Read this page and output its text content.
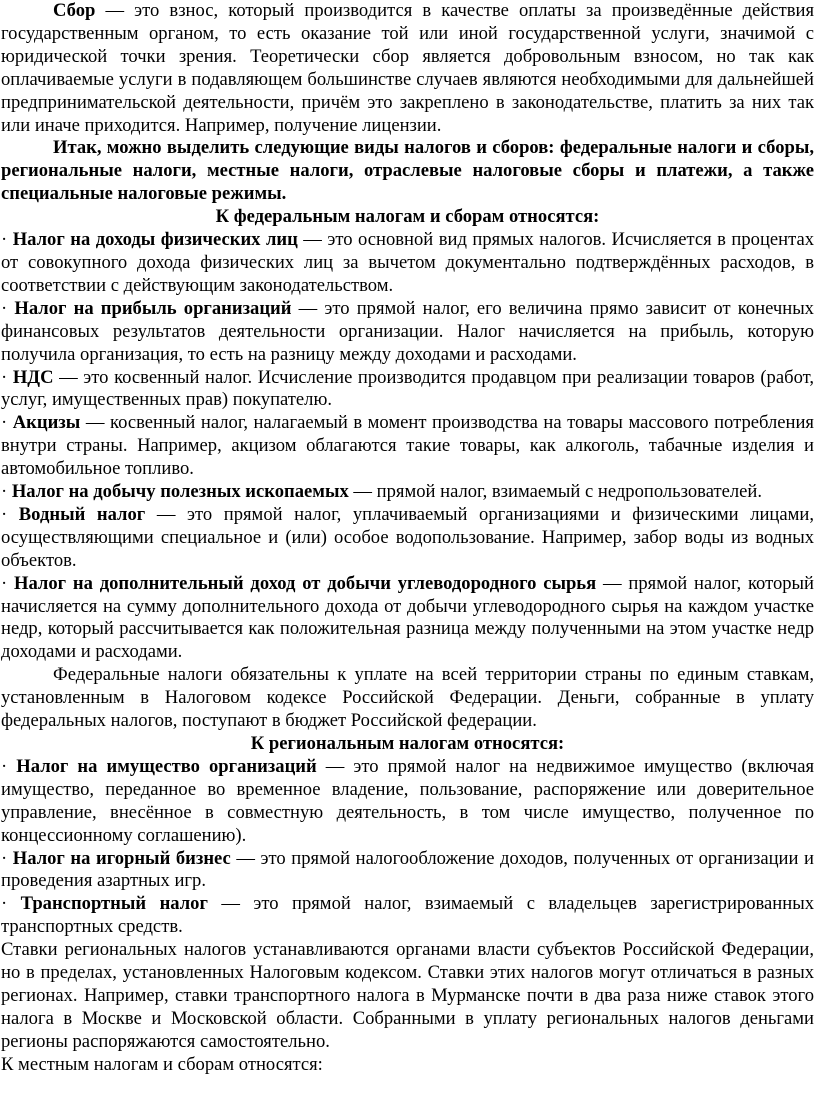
Сбор — это взнос, который производится в качестве оплаты за произведённые действия государственным органом, то есть оказание той или иной государственной услуги, значимой с юридической точки зрения. Теоретически сбор является добровольным взносом, но так как оплачиваемые услуги в подавляющем большинстве случаев являются необходимыми для дальнейшей предпринимательской деятельности, причём это закреплено в законодательстве, платить за них так или иначе приходится. Например, получение лицензии.

Итак, можно выделить следующие виды налогов и сборов: федеральные налоги и сборы, региональные налоги, местные налоги, отраслевые налоговые сборы и платежи, а также специальные налоговые режимы.

К федеральным налогам и сборам относятся:

· Налог на доходы физических лиц — это основной вид прямых налогов. Исчисляется в процентах от совокупного дохода физических лиц за вычетом документально подтверждённых расходов, в соответствии с действующим законодательством.

· Налог на прибыль организаций — это прямой налог, его величина прямо зависит от конечных финансовых результатов деятельности организации. Налог начисляется на прибыль, которую получила организация, то есть на разницу между доходами и расходами.

· НДС — это косвенный налог. Исчисление производится продавцом при реализации товаров (работ, услуг, имущественных прав) покупателю.

· Акцизы — косвенный налог, налагаемый в момент производства на товары массового потребления внутри страны. Например, акцизом облагаются такие товары, как алкоголь, табачные изделия и автомобильное топливо.

· Налог на добычу полезных ископаемых — прямой налог, взимаемый с недропользователей.

· Водный налог — это прямой налог, уплачиваемый организациями и физическими лицами, осуществляющими специальное и (или) особое водопользование. Например, забор воды из водных объектов.

· Налог на дополнительный доход от добычи углеводородного сырья — прямой налог, который начисляется на сумму дополнительного дохода от добычи углеводородного сырья на каждом участке недр, который рассчитывается как положительная разница между полученными на этом участке недр доходами и расходами.

Федеральные налоги обязательны к уплате на всей территории страны по единым ставкам, установленным в Налоговом кодексе Российской Федерации. Деньги, собранные в уплату федеральных налогов, поступают в бюджет Российской федерации.

К региональным налогам относятся:

· Налог на имущество организаций — это прямой налог на недвижимое имущество (включая имущество, переданное во временное владение, пользование, распоряжение или доверительное управление, внесённое в совместную деятельность, в том числе имущество, полученное по концессионному соглашению).

· Налог на игорный бизнес — это прямой налогообложение доходов, полученных от организации и проведения азартных игр.

· Транспортный налог — это прямой налог, взимаемый с владельцев зарегистрированных транспортных средств.

Ставки региональных налогов устанавливаются органами власти субъектов Российской Федерации, но в пределах, установленных Налоговым кодексом. Ставки этих налогов могут отличаться в разных регионах. Например, ставки транспортного налога в Мурманске почти в два раза ниже ставок этого налога в Москве и Московской области. Собранными в уплату региональных налогов деньгами регионы распоряжаются самостоятельно.

К местным налогам и сборам относятся:
